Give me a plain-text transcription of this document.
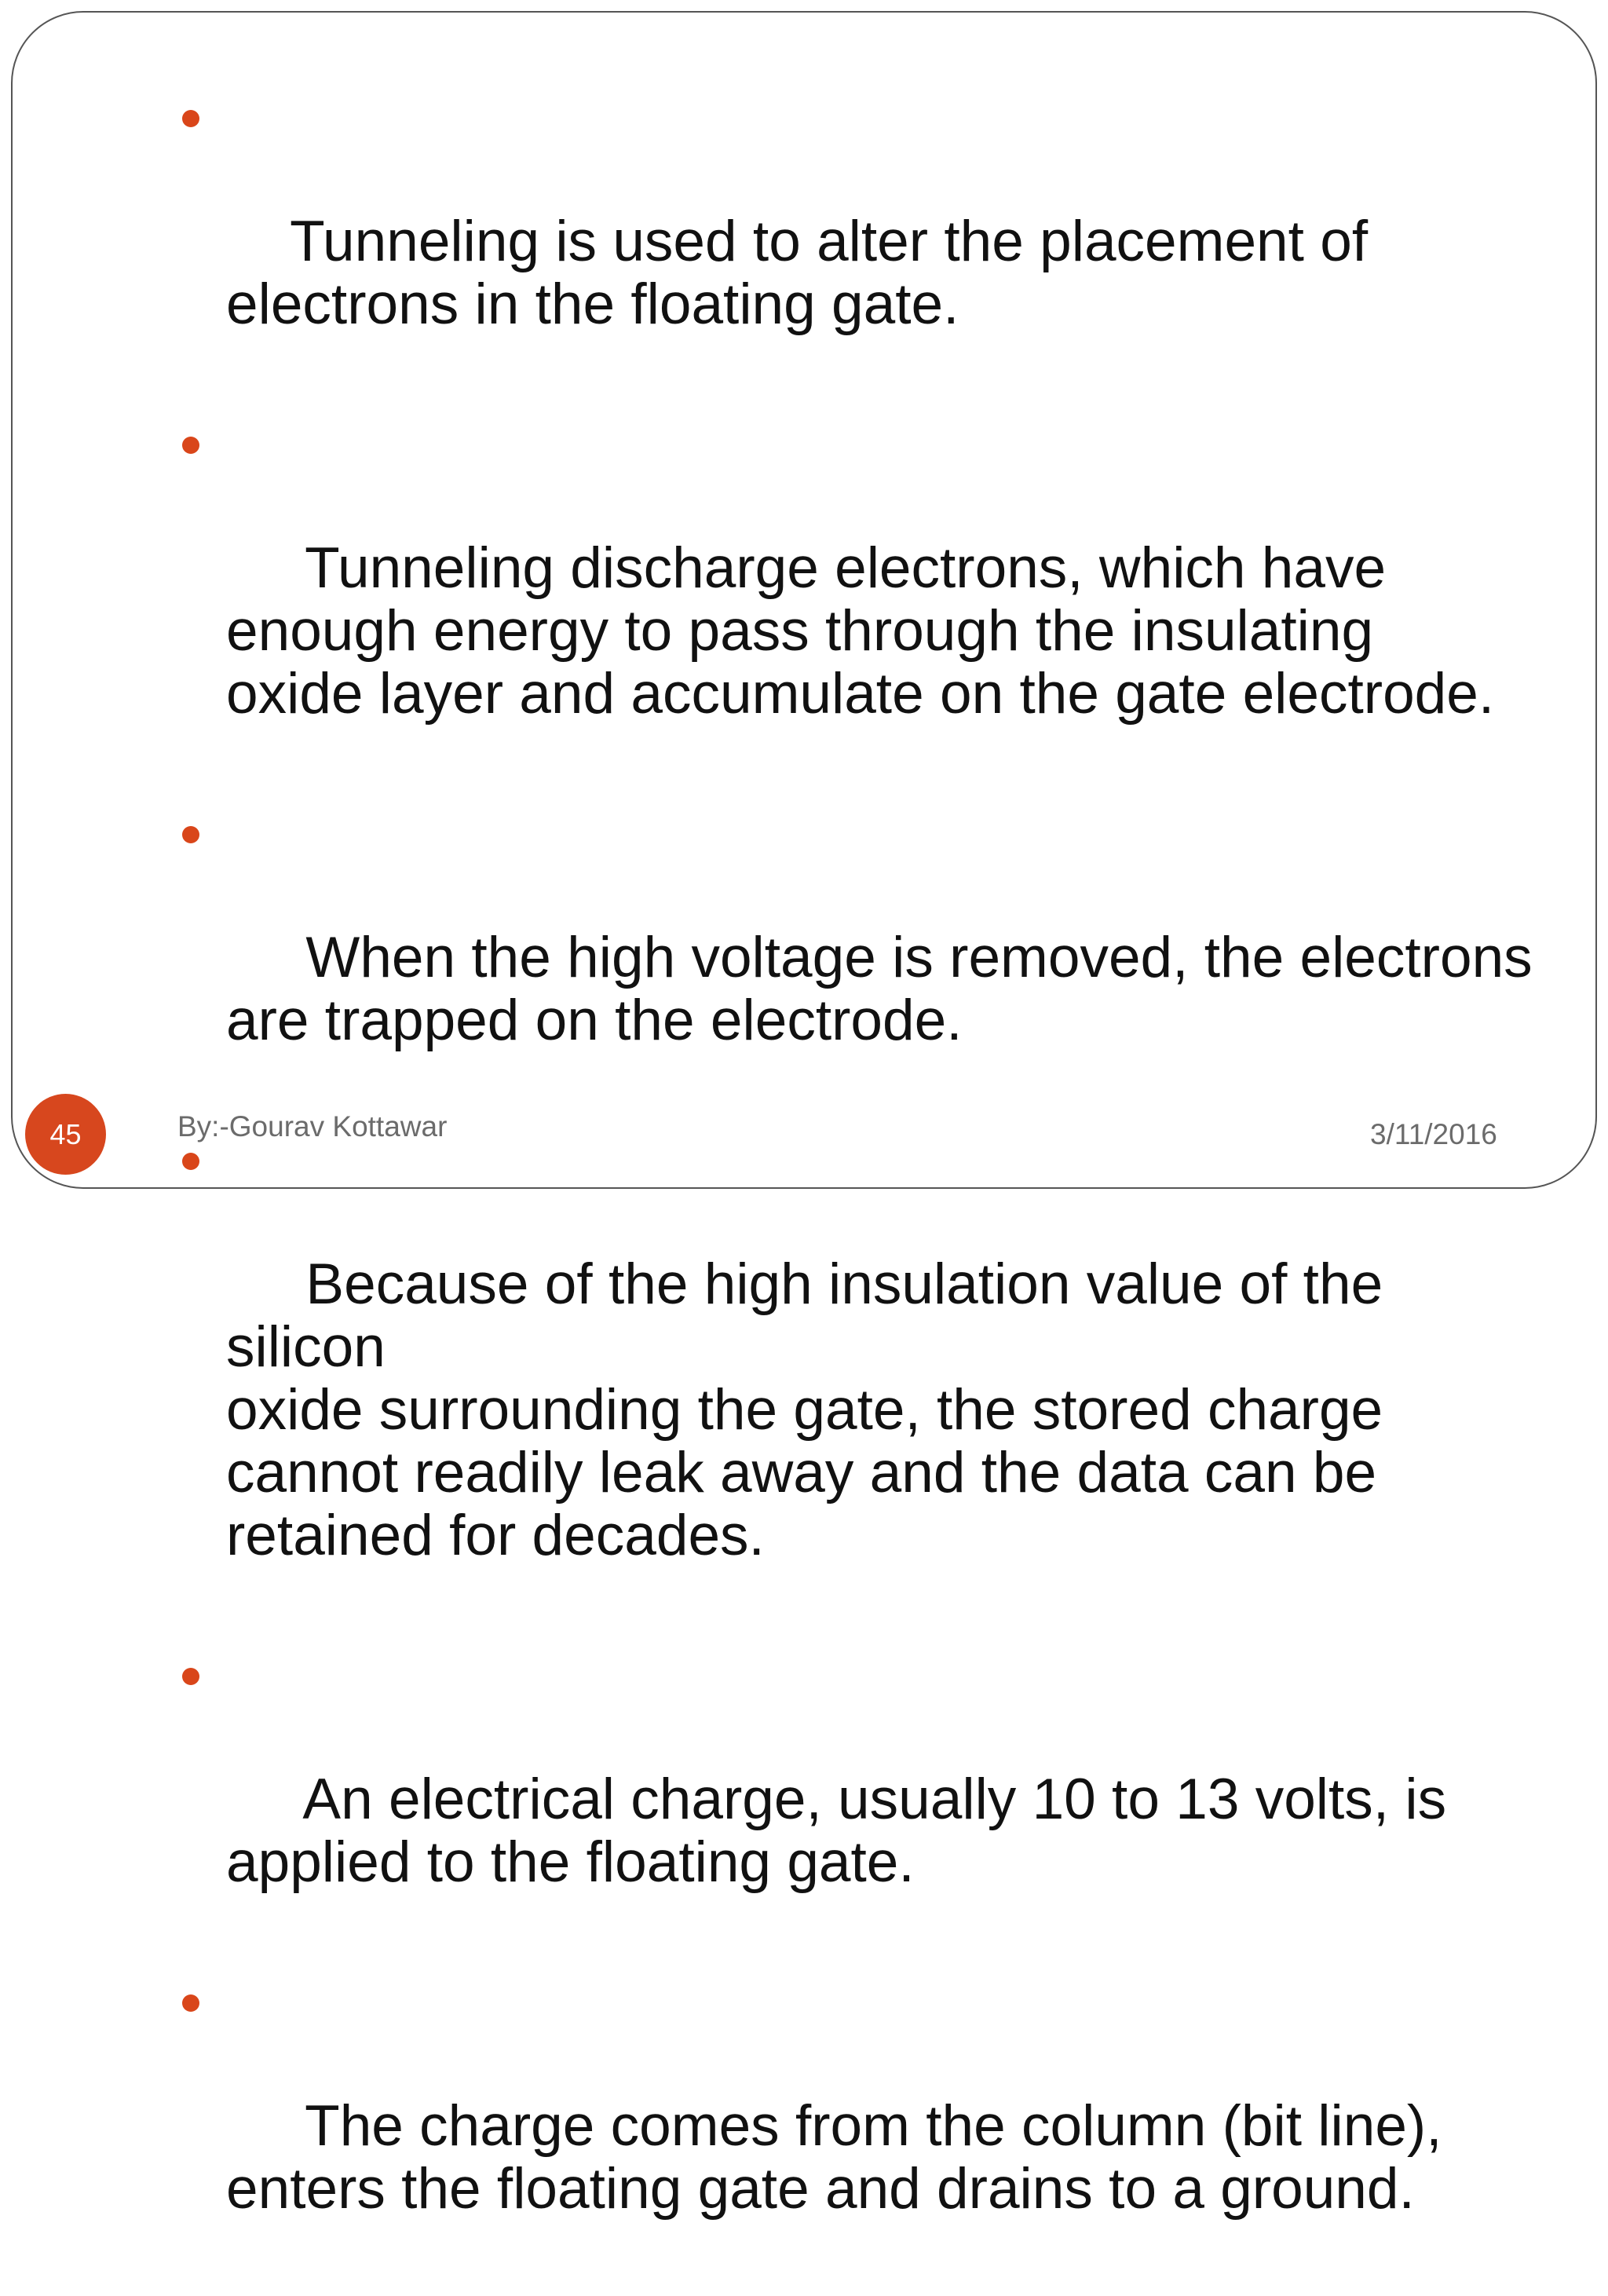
Tunneling is used to alter the placement of
electrons in the floating gate.

Tunneling discharge electrons, which have
enough energy to pass through the insulating
oxide layer and accumulate on the gate electrode.

When the high voltage is removed, the electrons
are trapped on the electrode.

Because of the high insulation value of the silicon
oxide surrounding the gate, the stored charge
cannot readily leak away and the data can be
retained for decades.

An electrical charge, usually 10 to 13 volts, is
applied to the floating gate.

The charge comes from the column (bit line),
enters the floating gate and drains to a ground.

45	By:-Gourav Kottawar	3/11/2016
